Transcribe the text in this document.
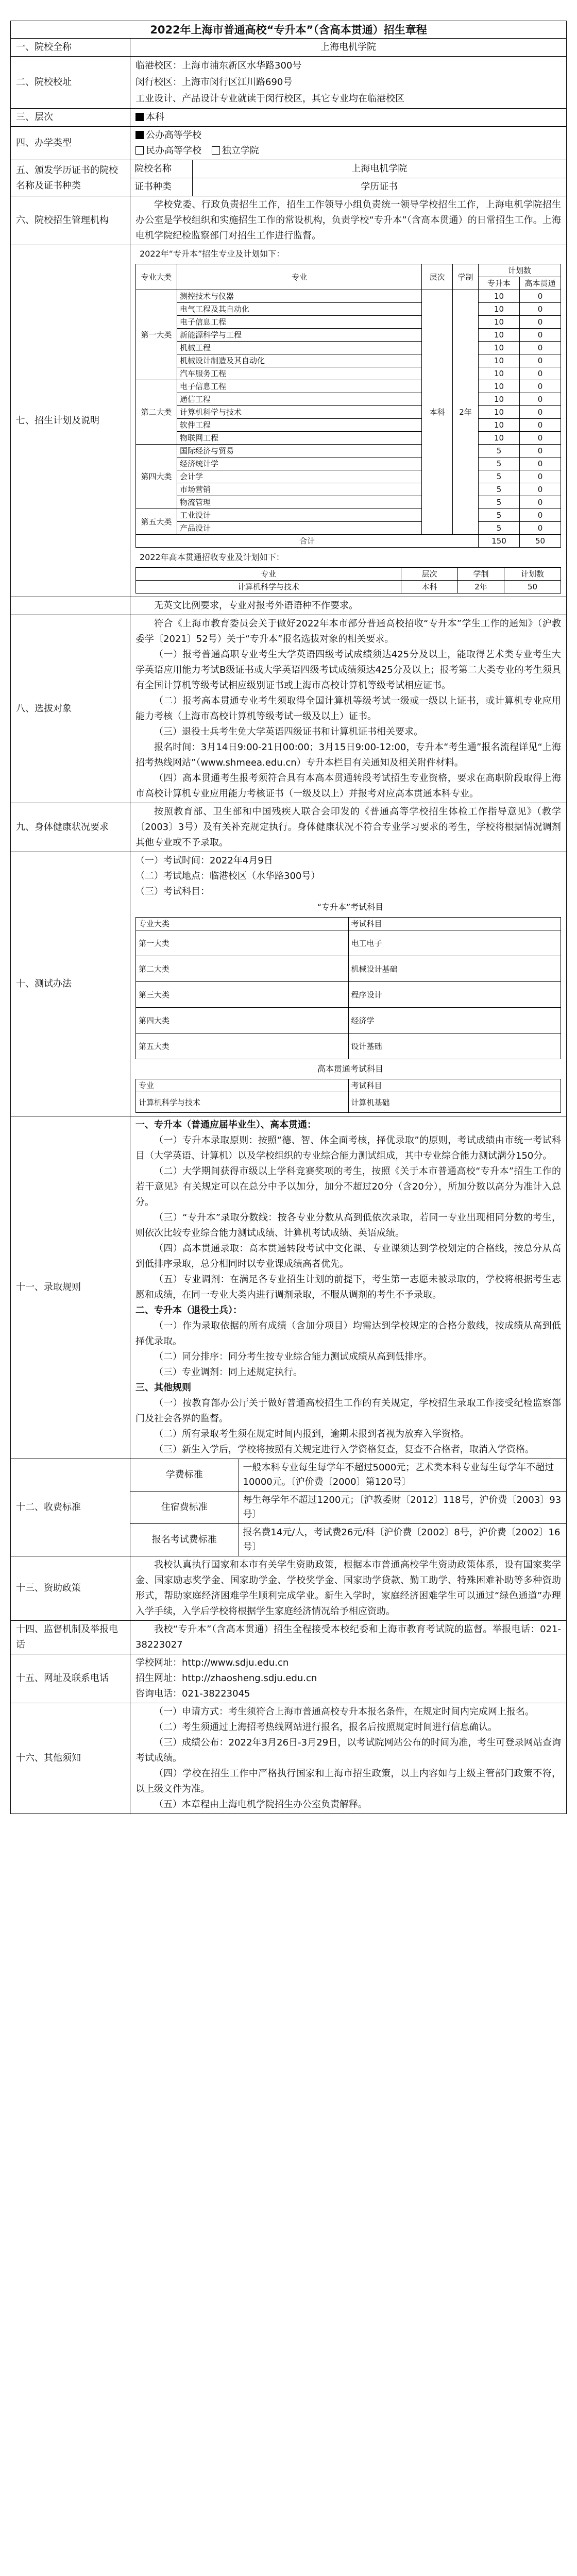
2022年上海市普通高校“专升本”（含高本贯通）招生章程
一、院校全称	上海电机学院
二、院校校址	
临港校区：上海市浦东新区水华路300号
闵行校区：上海市闵行区江川路690号
工业设计、产品设计专业就读于闵行校区，其它专业均在临港校区

三、层次	本科
四、办学类型	
公办高等学校
民办高等学校 独立学院

五、颁发学历证书的院校名称及证书种类	
院校名称	上海电机学院
证书种类	学历证书

六、院校招生管理机构	

学校党委、行政负责招生工作，招生工作领导小组负责统一领导学校招生工作，上海电机学院招生办公室是学校组织和实施招生工作的常设机构，负责学校“专升本”（含高本贯通）的日常招生工作。上海电机学院纪检监察部门对招生工作进行监督。

七、招生计划及说明	
2022年“专升本”招生专业及计划如下：
专业大类	专业	层次	学制	计划数
专升本	高本贯通
第一大类	测控技术与仪器	本科	2年	10	0
电气工程及其自动化	10	0
电子信息工程	10	0
新能源科学与工程	10	0
机械工程	10	0
机械设计制造及其自动化	10	0
汽车服务工程	10	0
第二大类	电子信息工程	10	0
通信工程	10	0
计算机科学与技术	10	0
软件工程	10	0
物联网工程	10	0
第四大类	国际经济与贸易	5	0
经济统计学	5	0
会计学	5	0
市场营销	5	0
物流管理	5	0
第五大类	工业设计	5	0
产品设计	5	0
合计	150	50
2022年高本贯通招收专业及计划如下：
专业	层次	学制	计划数
计算机科学与技术	本科	2年	50

无英文比例要求，专业对报考外语语种不作要求。

八、选拔对象	

符合《上海市教育委员会关于做好2022年本市部分普通高校招收“专升本”学生工作的通知》（沪教委学〔2021〕52号）关于“专升本”报名选拔对象的相关要求。

（一）报考普通高职专业考生大学英语四级考试成绩须达425分及以上，能取得艺术类专业考生大学英语应用能力考试B级证书或大学英语四级考试成绩须达425分及以上；报考第二大类专业的考生须具有全国计算机等级考试相应级别证书或上海市高校计算机等级考试相应证书。

（二）报考高本贯通专业考生须取得全国计算机等级考试一级或一级以上证书，或计算机专业应用能力考核（上海市高校计算机等级考试一级及以上）证书。

（三）退役士兵考生免大学英语四级证书和计算机证书相关要求。

报名时间：3月14日9:00-21日00:00；3月15日9:00-12:00，专升本“考生通”报名流程详见“上海招考热线网站”（www.shmeea.edu.cn）专升本栏目有关通知及相关附件材料。

（四）高本贯通考生报考须符合具有本高本贯通转段考试招生专业资格，要求在高职阶段取得上海市高校计算机专业应用能力考核证书（一级及以上）并报考对应高本贯通本科专业。

九、身体健康状况要求	

按照教育部、卫生部和中国残疾人联合会印发的《普通高等学校招生体检工作指导意见》（教学〔2003〕3号）及有关补充规定执行。身体健康状况不符合专业学习要求的考生，学校将根据情况调剂其他专业或不予录取。

十、测试办法	

（一）考试时间：2022年4月9日

（二）考试地点：临港校区（水华路300号）

（三）考试科目：

“专升本”考试科目
专业大类	考试科目
第一大类	电工电子
第二大类	机械设计基础
第三大类	程序设计
第四大类	经济学
第五大类	设计基础
高本贯通考试科目
专业	考试科目
计算机科学与技术	计算机基础

十一、录取规则	

一、专升本（普通应届毕业生）、高本贯通：

（一）专升本录取原则：按照“德、智、体全面考核，择优录取”的原则，考试成绩由市统一考试科目（大学英语、计算机）以及学校组织的专业综合能力测试组成，其中专业综合能力测试满分150分。

（二）大学期间获得市级以上学科竞赛奖项的考生，按照《关于本市普通高校“专升本”招生工作的若干意见》有关规定可以在总分中予以加分，加分不超过20分（含20分），所加分数以高分为准计入总分。

（三）“专升本”录取分数线：按各专业分数从高到低依次录取，若同一专业出现相同分数的考生，则依次比较专业综合能力测试成绩、计算机考试成绩、英语成绩。

（四）高本贯通录取：高本贯通转段考试中文化课、专业课须达到学校划定的合格线，按总分从高到低排序录取，总分相同时以专业课成绩高者优先。

（五）专业调剂：在满足各专业招生计划的前提下，考生第一志愿未被录取的，学校将根据考生志愿和成绩，在同一专业大类内进行调剂录取，不服从调剂的考生不予录取。

二、专升本（退役士兵）：

（一）作为录取依据的所有成绩（含加分项目）均需达到学校规定的合格分数线，按成绩从高到低择优录取。

（二）同分排序：同分考生按专业综合能力测试成绩从高到低排序。

（三）专业调剂：同上述规定执行。

三、其他规则

（一）按教育部办公厅关于做好普通高校招生工作的有关规定，学校招生录取工作接受纪检监察部门及社会各界的监督。

（二）所有录取考生须在规定时间内报到，逾期未报到者视为放弃入学资格。

（三）新生入学后，学校将按照有关规定进行入学资格复查，复查不合格者，取消入学资格。

十二、收费标准	
学费标准	一般本科专业每生每学年不超过5000元；艺术类本科专业每生每学年不超过10000元。〔沪价费〔2000〕第120号〕
住宿费标准	每生每学年不超过1200元；〔沪教委财〔2012〕118号，沪价费〔2003〕93号〕
报名考试费标准	报名费14元/人，考试费26元/科〔沪价费〔2002〕8号，沪价费〔2002〕16号〕

十三、资助政策	

我校认真执行国家和本市有关学生资助政策，根据本市普通高校学生资助政策体系，设有国家奖学金、国家励志奖学金、国家助学金、学校奖学金、国家助学贷款、勤工助学、特殊困难补助等多种资助形式，帮助家庭经济困难学生顺利完成学业。新生入学时，家庭经济困难学生可以通过“绿色通道”办理入学手续，入学后学校将根据学生家庭经济情况给予相应资助。

十四、监督机制及举报电话	

我校“专升本”（含高本贯通）招生全程接受本校纪委和上海市教育考试院的监督。举报电话：021-38223027

十五、网址及联系电话	
学校网址：http://www.sdju.edu.cn
招生网址：http://zhaosheng.sdju.edu.cn
咨询电话：021-38223045

十六、其他须知	

（一）申请方式：考生须符合上海市普通高校专升本报名条件，在规定时间内完成网上报名。

（二）考生须通过上海招考热线网站进行报名，报名后按照规定时间进行信息确认。

（三）成绩公布：2022年3月26日-3月29日，以考试院网站公布的时间为准，考生可登录网站查询考试成绩。

（四）学校在招生工作中严格执行国家和上海市招生政策，以上内容如与上级主管部门政策不符，以上级文件为准。

（五）本章程由上海电机学院招生办公室负责解释。
